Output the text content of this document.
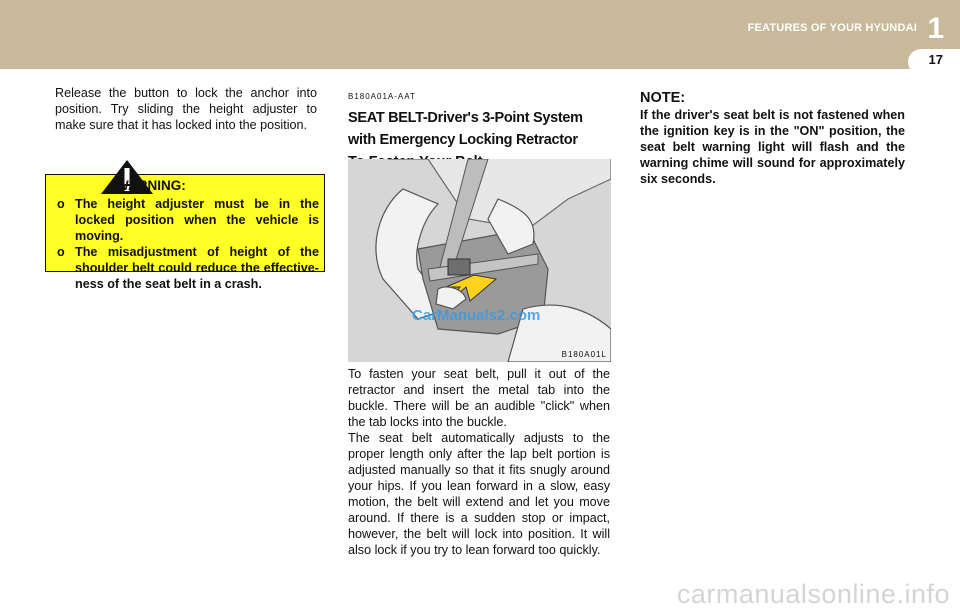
FEATURES OF YOUR HYUNDAI 1
17

Release the button to lock the anchor into position. Try sliding the height adjuster to make sure that it has locked into the position.

WARNING:
o The height adjuster must be in the locked position when the vehicle is moving.
o The misadjustment of height of the shoulder belt could reduce the effective-ness of the seat belt in a crash.
B180A01A-AAT
SEAT BELT-Driver's 3-Point System with Emergency Locking Retractor
CarManuals2.com
B180A01L

To fasten your seat belt, pull it out of the retractor and insert the metal tab into the buckle. There will be an audible "click" when the tab locks into the buckle.

The seat belt automatically adjusts to the proper length only after the lap belt portion is adjusted manually so that it fits snugly around your hips. If you lean forward in a slow, easy motion, the belt will extend and let you move around. If there is a sudden stop or impact, however, the belt will lock into position. It will also lock if you try to lean forward too quickly.

NOTE:

If the driver's seat belt is not fastened when the ignition key is in the "ON" position, the seat belt warning light will flash and the warning chime will sound for approximately six seconds.

carmanualsonline.info
